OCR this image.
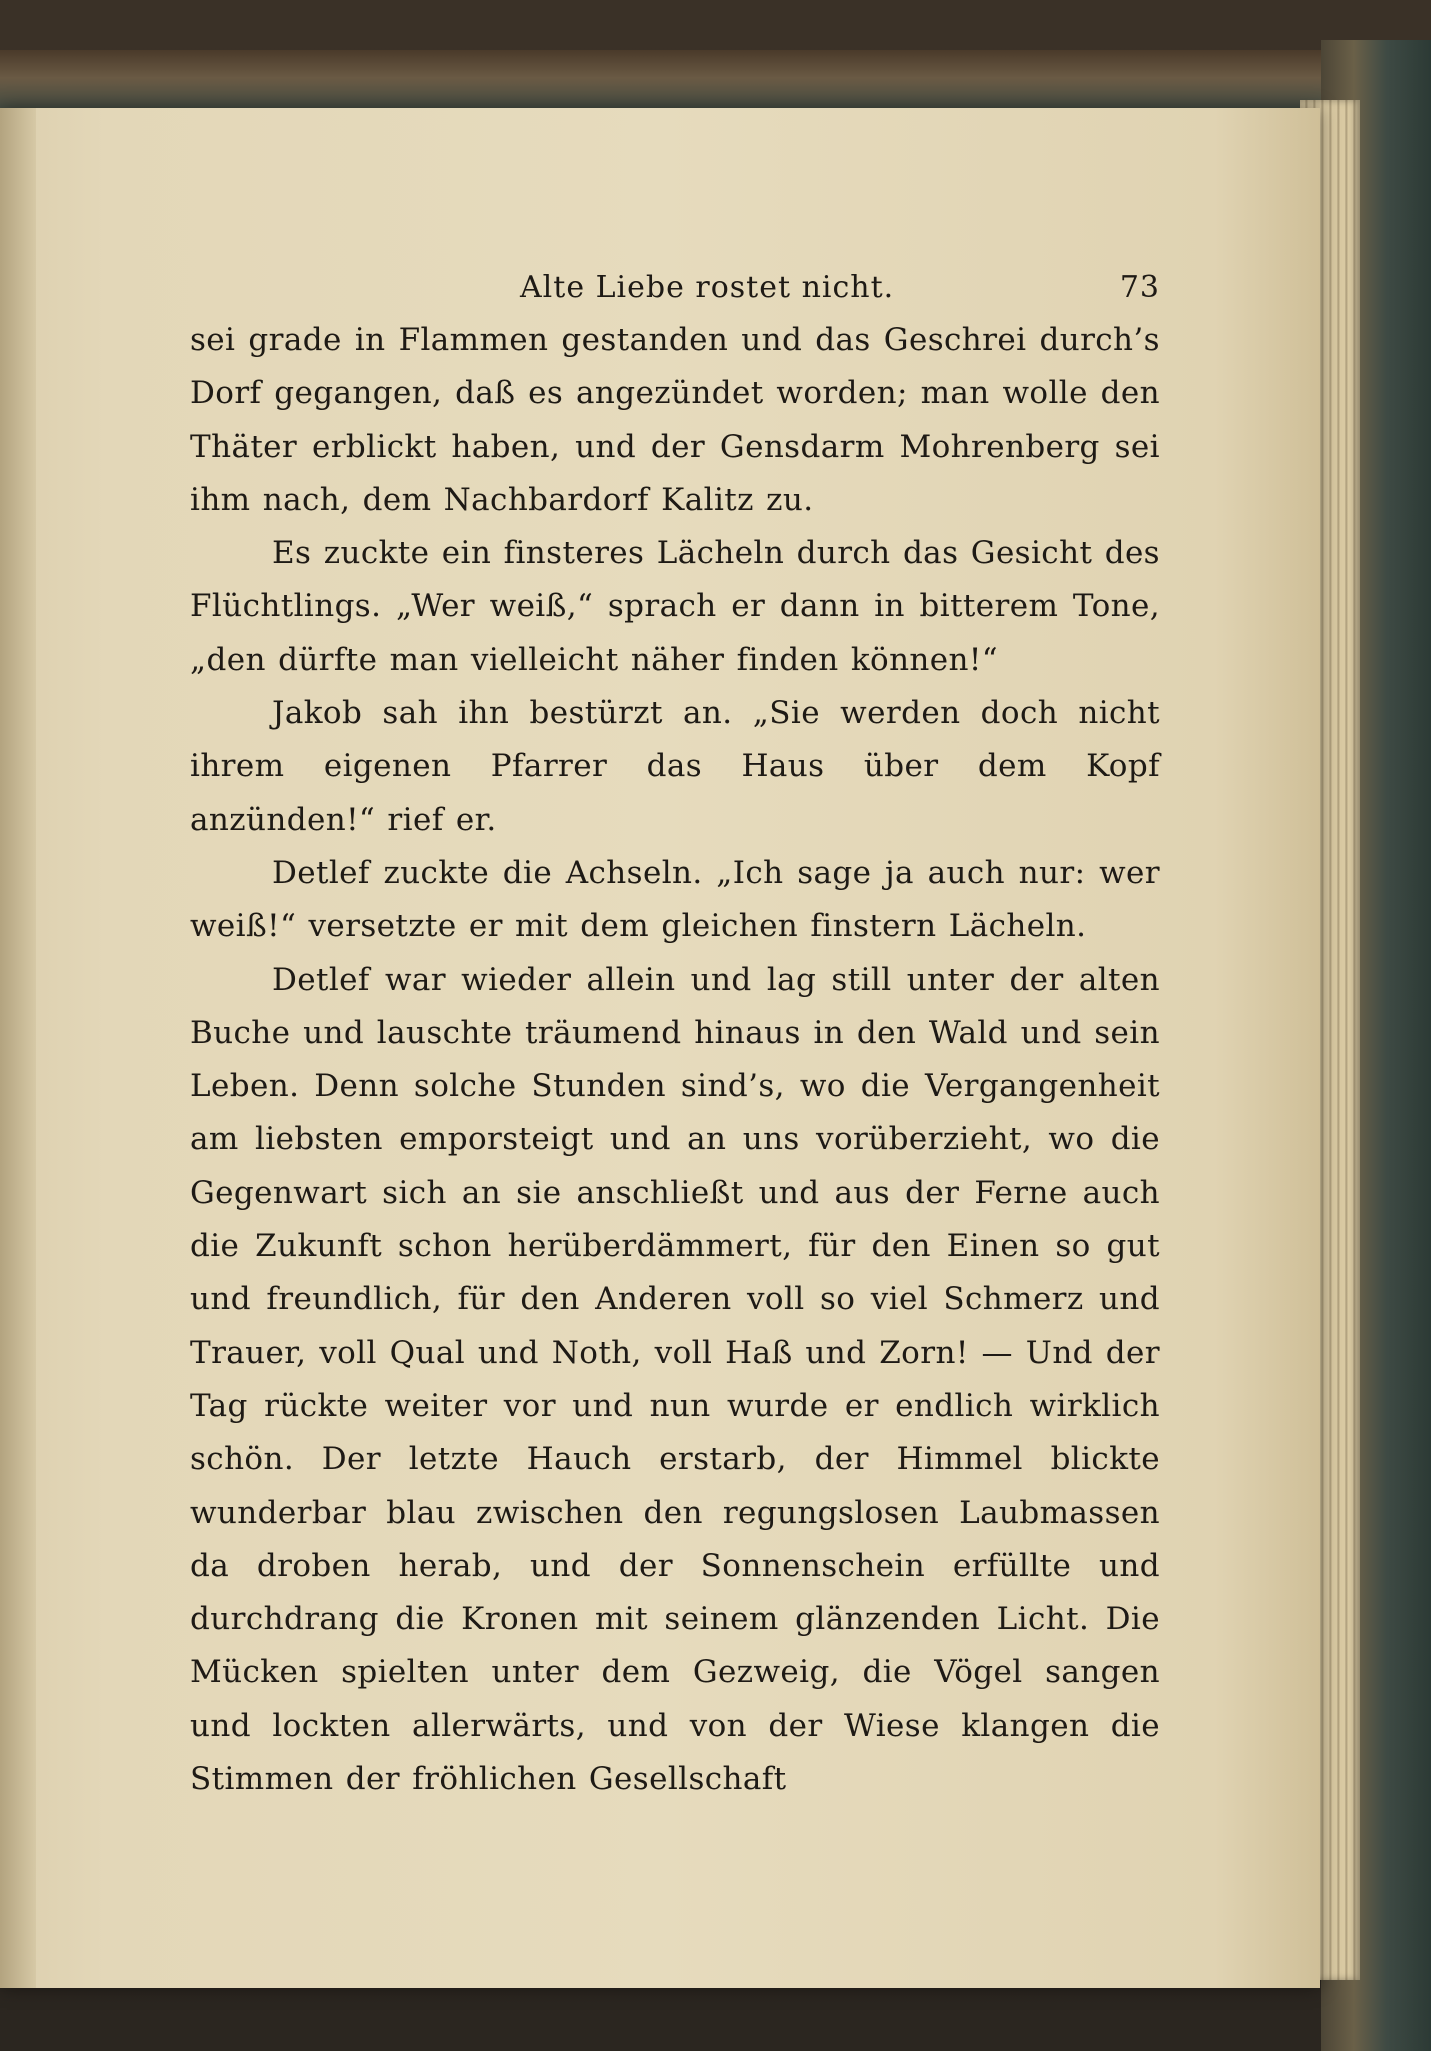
Alte Liebe rostet nicht.	73

sei grade in Flammen gestanden und das Geschrei durch’s Dorf gegangen, daß es angezündet worden; man wolle den Thäter erblickt haben, und der Gensdarm Mohrenberg sei ihm nach, dem Nachbardorf Kalitz zu.

Es zuckte ein finsteres Lächeln durch das Gesicht des Flüchtlings. „Wer weiß,“ sprach er dann in bitterem Tone, „den dürfte man vielleicht näher finden können!“

Jakob sah ihn bestürzt an. „Sie werden doch nicht ihrem eigenen Pfarrer das Haus über dem Kopf anzünden!“ rief er.

Detlef zuckte die Achseln. „Ich sage ja auch nur: wer weiß!“ versetzte er mit dem gleichen finstern Lächeln.

Detlef war wieder allein und lag still unter der alten Buche und lauschte träumend hinaus in den Wald und sein Leben. Denn solche Stunden sind’s, wo die Vergangenheit am liebsten emporsteigt und an uns vorüberzieht, wo die Gegenwart sich an sie anschließt und aus der Ferne auch die Zukunft schon herüberdämmert, für den Einen so gut und freundlich, für den Anderen voll so viel Schmerz und Trauer, voll Qual und Noth, voll Haß und Zorn! — Und der Tag rückte weiter vor und nun wurde er endlich wirklich schön. Der letzte Hauch erstarb, der Himmel blickte wunderbar blau zwischen den regungslosen Laubmassen da droben herab, und der Sonnenschein erfüllte und durchdrang die Kronen mit seinem glänzenden Licht. Die Mücken spielten unter dem Gezweig, die Vögel sangen und lockten allerwärts, und von der Wiese klangen die Stimmen der fröhlichen Gesellschaft
